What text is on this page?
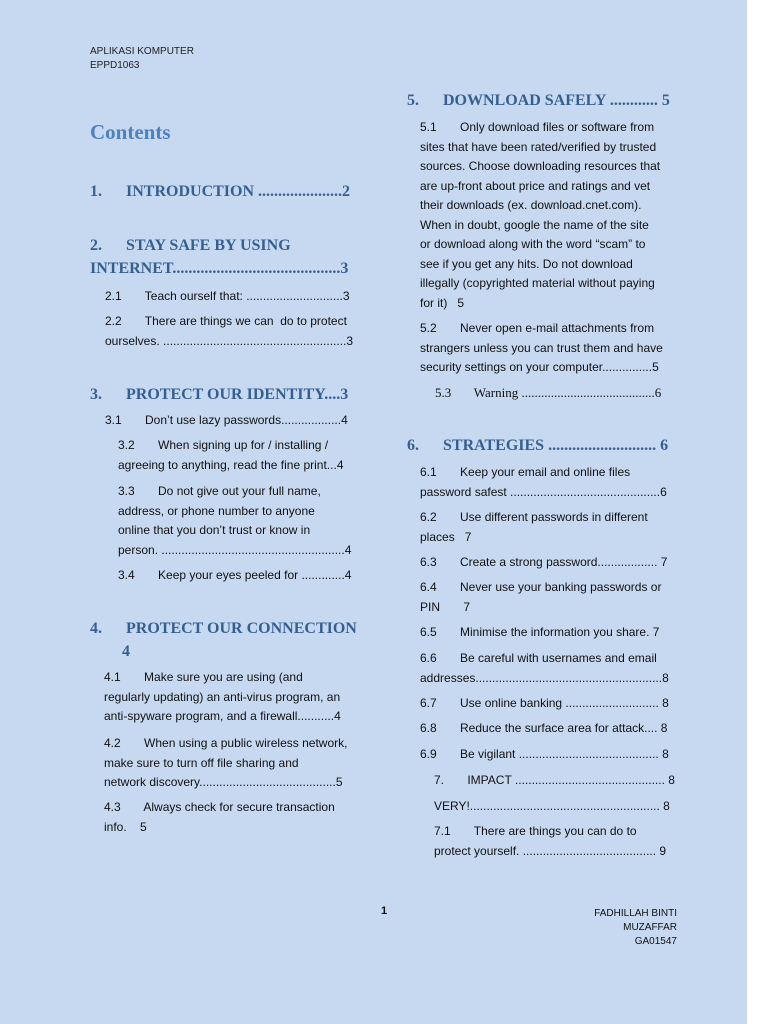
APLIKASI KOMPUTER
EPPD1063
Contents
1.      INTRODUCTION .....................2
2.      STAY SAFE BY USING
INTERNET..........................................3
2.1       Teach ourself that: .............................3
2.2       There are things we can  do to protect
ourselves. .......................................................3
3.      PROTECT OUR IDENTITY....3
3.1       Don’t use lazy passwords..................4
3.2       When signing up for / installing /
agreeing to anything, read the fine print...4
3.3       Do not give out your full name,
address, or phone number to anyone
online that you don’t trust or know in
person. .......................................................4
3.4       Keep your eyes peeled for .............4
4.      PROTECT OUR CONNECTION
4
4.1       Make sure you are using (and
regularly updating) an anti-virus program, an
anti-spyware program, and a firewall...........4
4.2       When using a public wireless network,
make sure to turn off file sharing and
network discovery.........................................5
4.3       Always check for secure transaction
info.    5
5.      DOWNLOAD SAFELY ............ 5
5.1       Only download files or software from
sites that have been rated/verified by trusted
sources. Choose downloading resources that
are up-front about price and ratings and vet
their downloads (ex. download.cnet.com).
When in doubt, google the name of the site
or download along with the word “scam” to
see if you get any hits. Do not download
illegally (copyrighted material without paying
for it)   5
5.2       Never open e-mail attachments from
strangers unless you can trust them and have
security settings on your computer...............5
5.3       Warning .........................................6
6.      STRATEGIES ........................... 6
6.1       Keep your email and online files
password safest .............................................6
6.2       Use different passwords in different
places   7
6.3       Create a strong password.................. 7
6.4       Never use your banking passwords or
PIN       7
6.5       Minimise the information you share. 7
6.6       Be careful with usernames and email
addresses........................................................8
6.7       Use online banking ............................ 8
6.8       Reduce the surface area for attack.... 8
6.9       Be vigilant .......................................... 8
7.       IMPACT ............................................. 8
VERY!......................................................... 8
7.1       There are things you can do to
protect yourself. ........................................ 9
1	FADHILLAH BINTI MUZAFFAR
GA01547
